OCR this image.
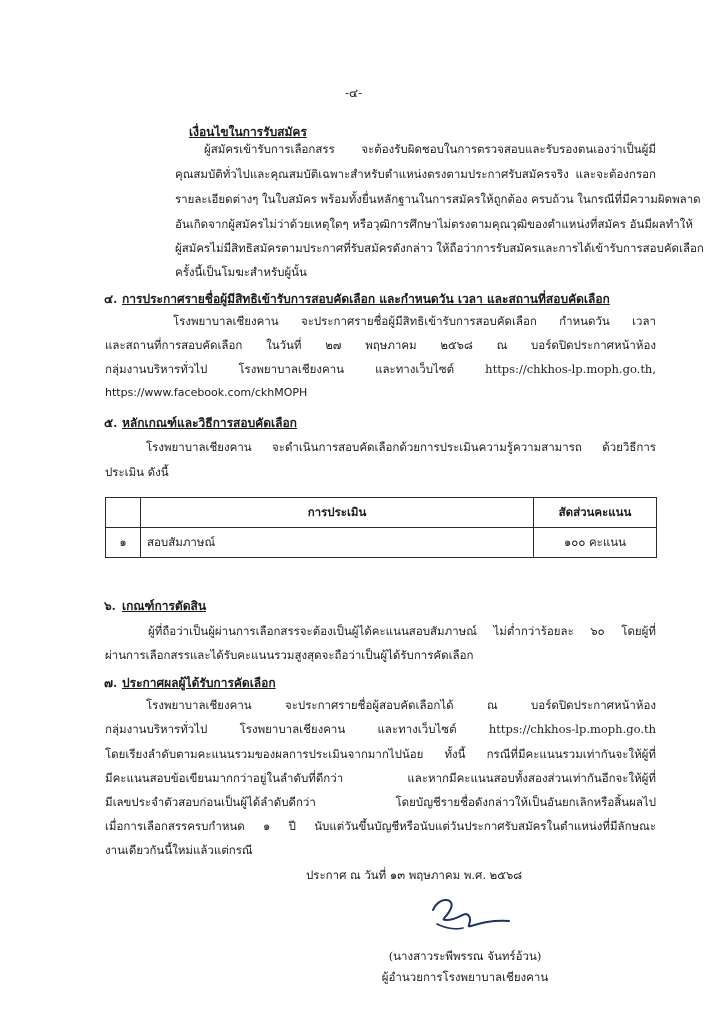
-๔-
เงื่อนไขในการรับสมัคร
ผู้สมัครเข้ารับการเลือกสรร จะต้องรับผิดชอบในการตรวจสอบและรับรองตนเองว่าเป็นผู้มี
คุณสมบัติทั่วไปและคุณสมบัติเฉพาะสำหรับตำแหน่งตรงตามประกาศรับสมัครจริง และจะต้องกรอก
รายละเอียดต่างๆ ในใบสมัคร พร้อมทั้งยื่นหลักฐานในการสมัครให้ถูกต้อง ครบถ้วน ในกรณีที่มีความผิดพลาด
อันเกิดจากผู้สมัครไม่ว่าด้วยเหตุใดๆ หรือวุฒิการศึกษาไม่ตรงตามคุณวุฒิของตำแหน่งที่สมัคร อันมีผลทำให้
ผู้สมัครไม่มีสิทธิสมัครตามประกาศที่รับสมัครดังกล่าว ให้ถือว่าการรับสมัครและการได้เข้ารับการสอบคัดเลือก
ครั้งนี้เป็นโมฆะสำหรับผู้นั้น
๔. การประกาศรายชื่อผู้มีสิทธิเข้ารับการสอบคัดเลือก และกำหนดวัน เวลา และสถานที่สอบคัดเลือก
โรงพยาบาลเชียงคาน จะประกาศรายชื่อผู้มีสิทธิเข้ารับการสอบคัดเลือก กำหนดวัน เวลา
และสถานที่การสอบคัดเลือก ในวันที่ ๒๗ พฤษภาคม ๒๕๖๘ ณ บอร์ดปิดประกาศหน้าห้อง
กลุ่มงานบริหารทั่วไป โรงพยาบาลเชียงคาน และทางเว็บไซต์ https://chkhos-lp.moph.go.th,
https://www.facebook.com/ckhMOPH
๕. หลักเกณฑ์และวิธีการสอบคัดเลือก
โรงพยาบาลเชียงคาน จะดำเนินการสอบคัดเลือกด้วยการประเมินความรู้ความสามารถ ด้วยวิธีการ
ประเมิน ดังนี้
	การประเมิน	สัดส่วนคะแนน
๑	สอบสัมภาษณ์	๑๐๐ คะแนน
๖. เกณฑ์การตัดสิน
ผู้ที่ถือว่าเป็นผู้ผ่านการเลือกสรรจะต้องเป็นผู้ได้คะแนนสอบสัมภาษณ์ ไม่ต่ำกว่าร้อยละ ๖๐ โดยผู้ที่
ผ่านการเลือกสรรและได้รับคะแนนรวมสูงสุดจะถือว่าเป็นผู้ได้รับการคัดเลือก
๗. ประกาศผลผู้ได้รับการคัดเลือก
โรงพยาบาลเชียงคาน จะประกาศรายชื่อผู้สอบคัดเลือกได้ ณ บอร์ดปิดประกาศหน้าห้อง
กลุ่มงานบริหารทั่วไป โรงพยาบาลเชียงคาน และทางเว็บไซต์ https://chkhos-lp.moph.go.th
โดยเรียงลำดับตามคะแนนรวมของผลการประเมินจากมากไปน้อย ทั้งนี้ กรณีที่มีคะแนนรวมเท่ากันจะให้ผู้ที่
มีคะแนนสอบข้อเขียนมากกว่าอยู่ในลำดับที่ดีกว่า และหากมีคะแนนสอบทั้งสองส่วนเท่ากันอีกจะให้ผู้ที่
มีเลขประจำตัวสอบก่อนเป็นผู้ได้ลำดับดีกว่า โดยบัญชีรายชื่อดังกล่าวให้เป็นอันยกเลิกหรือสิ้นผลไป
เมื่อการเลือกสรรครบกำหนด ๑ ปี นับแต่วันขึ้นบัญชีหรือนับแต่วันประกาศรับสมัครในตำแหน่งที่มีลักษณะ
งานเดียวกันนี้ใหม่แล้วแต่กรณี
ประกาศ ณ วันที่ ๑๓ พฤษภาคม พ.ศ. ๒๕๖๘
(นางสาวระพีพรรณ จันทร์อ้วน)
ผู้อำนวยการโรงพยาบาลเชียงคาน
